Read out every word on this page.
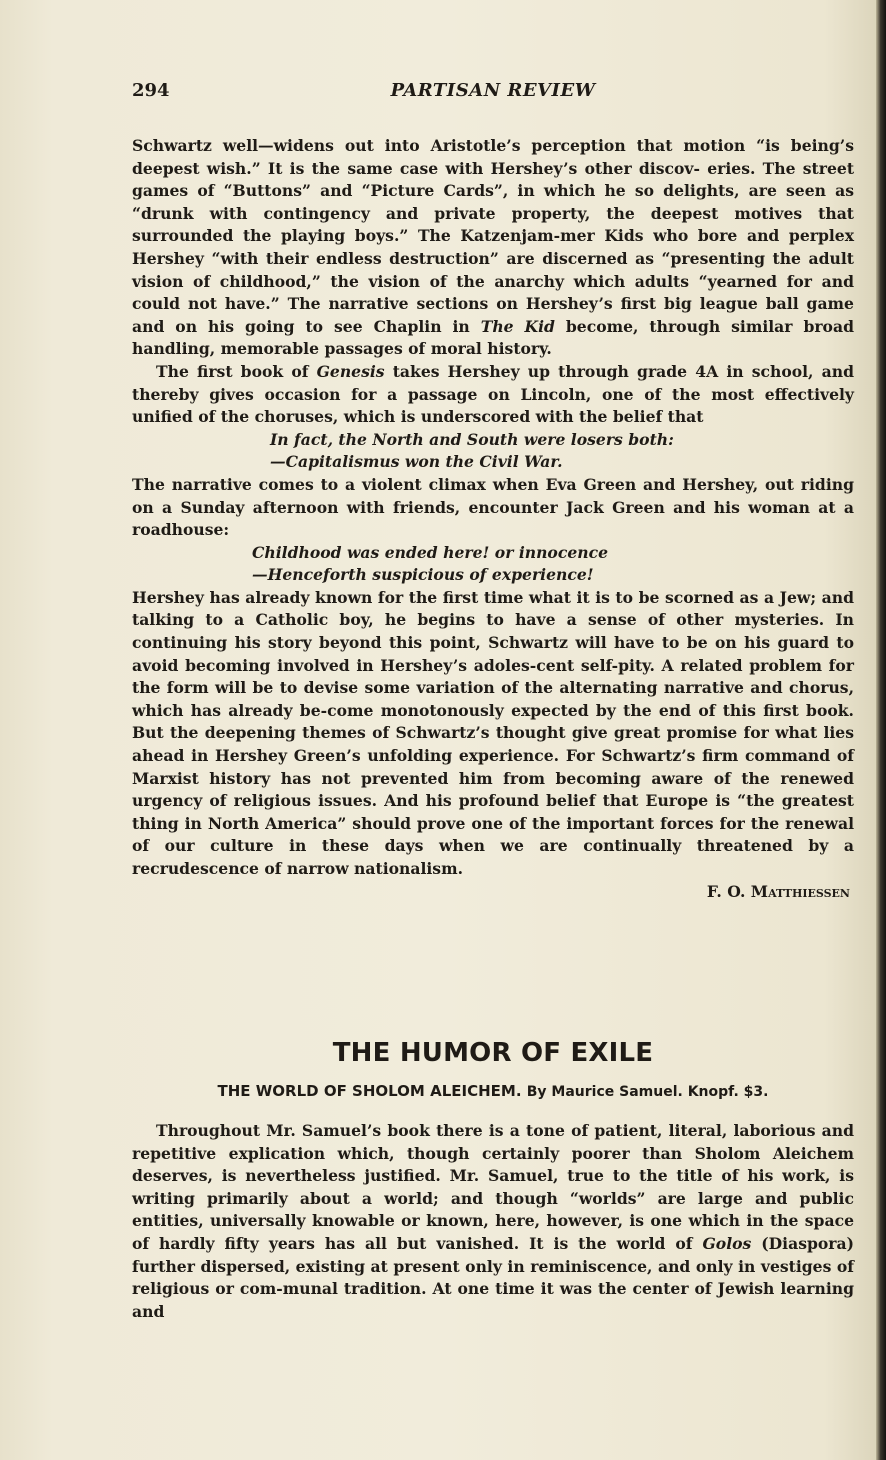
294	PARTISAN REVIEW

Schwartz well—widens out into Aristotle’s perception that motion “is being’s deepest wish.” It is the same case with Hershey’s other discov- eries. The street games of “Buttons” and “Picture Cards”, in which he so delights, are seen as “drunk with contingency and private property, the deepest motives that surrounded the playing boys.” The Katzenjam-mer Kids who bore and perplex Hershey “with their endless destruction” are discerned as “presenting the adult vision of childhood,” the vision of the anarchy which adults “yearned for and could not have.” The narrative sections on Hershey’s first big league ball game and on his going to see Chaplin in The Kid become, through similar broad handling, memorable passages of moral history.

The first book of Genesis takes Hershey up through grade 4A in school, and thereby gives occasion for a passage on Lincoln, one of the most effectively unified of the choruses, which is underscored with the belief that

In fact, the North and South were losers both:

—Capitalismus won the Civil War.

The narrative comes to a violent climax when Eva Green and Hershey, out riding on a Sunday afternoon with friends, encounter Jack Green and his woman at a roadhouse:

Childhood was ended here! or innocence

—Henceforth suspicious of experience!

Hershey has already known for the first time what it is to be scorned as a Jew; and talking to a Catholic boy, he begins to have a sense of other mysteries. In continuing his story beyond this point, Schwartz will have to be on his guard to avoid becoming involved in Hershey’s adoles-cent self-pity. A related problem for the form will be to devise some variation of the alternating narrative and chorus, which has already be-come monotonously expected by the end of this first book. But the deepening themes of Schwartz’s thought give great promise for what lies ahead in Hershey Green’s unfolding experience. For Schwartz’s firm command of Marxist history has not prevented him from becoming aware of the renewed urgency of religious issues. And his profound belief that Europe is “the greatest thing in North America” should prove one of the important forces for the renewal of our culture in these days when we are continually threatened by a recrudescence of narrow nationalism.

F. O. Matthiessen

THE HUMOR OF EXILE
THE WORLD OF SHOLOM ALEICHEM. By Maurice Samuel. Knopf. $3.

Throughout Mr. Samuel’s book there is a tone of patient, literal, laborious and repetitive explication which, though certainly poorer than Sholom Aleichem deserves, is nevertheless justified. Mr. Samuel, true to the title of his work, is writing primarily about a world; and though “worlds” are large and public entities, universally knowable or known, here, however, is one which in the space of hardly fifty years has all but vanished. It is the world of Golos (Diaspora) further dispersed, existing at present only in reminiscence, and only in vestiges of religious or com-munal tradition. At one time it was the center of Jewish learning and
